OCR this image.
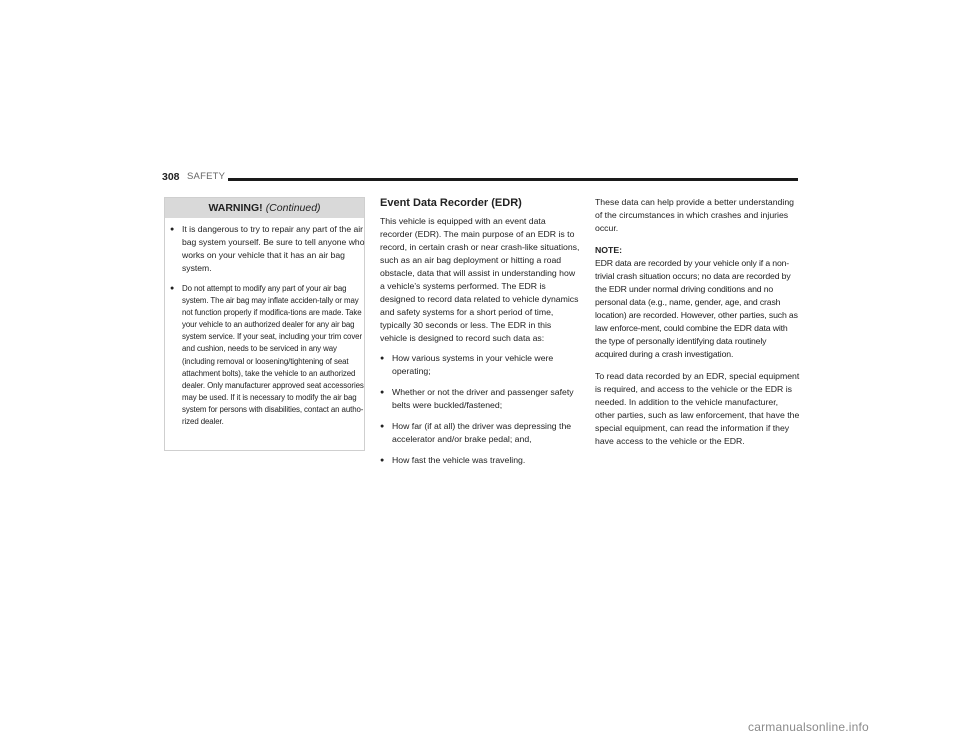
308 SAFETY
WARNING! (Continued)
● It is dangerous to try to repair any part of the air bag system yourself. Be sure to tell anyone who works on your vehicle that it has an air bag system.
● Do not attempt to modify any part of your air bag system. The air bag may inflate acciden-tally or may not function properly if modifica-tions are made. Take your vehicle to an authorized dealer for any air bag system service. If your seat, including your trim cover and cushion, needs to be serviced in any way (including removal or loosening/tightening of seat attachment bolts), take the vehicle to an authorized dealer. Only manufacturer approved seat accessories may be used. If it is necessary to modify the air bag system for persons with disabilities, contact an autho-rized dealer.
Event Data Recorder (EDR)

This vehicle is equipped with an event data recorder (EDR). The main purpose of an EDR is to record, in certain crash or near crash-like situations, such as an air bag deployment or hitting a road obstacle, data that will assist in understanding how a vehicle’s systems performed. The EDR is designed to record data related to vehicle dynamics and safety systems for a short period of time, typically 30 seconds or less. The EDR in this vehicle is designed to record such data as:

● How various systems in your vehicle were operating;
● Whether or not the driver and passenger safety belts were buckled/fastened;
● How far (if at all) the driver was depressing the accelerator and/or brake pedal; and,
● How fast the vehicle was traveling.

These data can help provide a better understanding of the circumstances in which crashes and injuries occur.

NOTE:

EDR data are recorded by your vehicle only if a non-trivial crash situation occurs; no data are recorded by the EDR under normal driving conditions and no personal data (e.g., name, gender, age, and crash location) are recorded. However, other parties, such as law enforce-ment, could combine the EDR data with the type of personally identifying data routinely acquired during a crash investigation.

To read data recorded by an EDR, special equipment is required, and access to the vehicle or the EDR is needed. In addition to the vehicle manufacturer, other parties, such as law enforcement, that have the special equipment, can read the information if they have access to the vehicle or the EDR.

carmanualsonline.info
